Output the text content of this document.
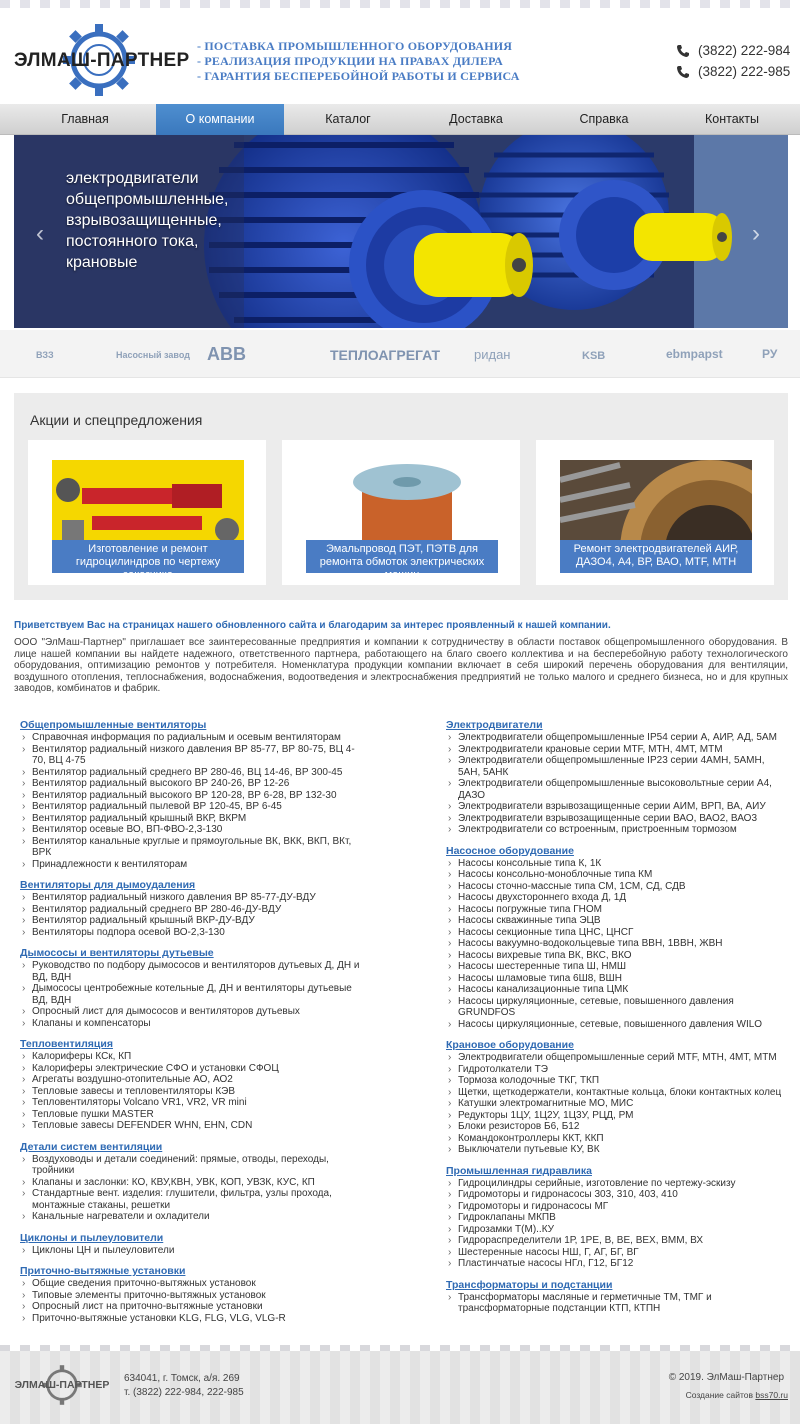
ЭЛМАШ-ПАРТНЕР
- ПОСТАВКА ПРОМЫШЛЕННОГО ОБОРУДОВАНИЯ
- РЕАЛИЗАЦИЯ ПРОДУКЦИИ НА ПРАВАХ ДИЛЕРА
- ГАРАНТИЯ БЕСПЕРЕБОЙНОЙ РАБОТЫ И СЕРВИСА
(3822) 222-984
(3822) 222-985
Главная	О компании	Каталог	Доставка	Справка	Контакты
электродвигатели
общепромышленные,
взрывозащищенные,
постоянного тока,
крановые
‹	›
ВЗЗ	Насосный завод ABB	ТЕПЛОАГРЕГАТ	ридан	KSB	ebmpapst	РУ
Акции и спецпредложения
Изготовление и ремонт гидроцилиндров по чертежу заказчика
Эмальпровод ПЭТ, ПЭТВ для ремонта обмоток электрических машин
Ремонт электродвигателей АИР, ДАЗО4, А4, ВР, ВАО, MTF, MTH
Приветствуем Вас на страницах нашего обновленного сайта и благодарим за интерес проявленный к нашей компании.
ООО "ЭлМаш-Партнер" приглашает все заинтересованные предприятия и компании к сотрудничеству в области поставок общепромышленного оборудования. В лице нашей компании вы найдете надежного, ответственного партнера, работающего на благо своего коллектива и на бесперебойную работу технологического оборудования, оптимизацию ремонтов у потребителя. Номенклатура продукции компании включает в себя широкий перечень оборудования для вентиляции, воздушного отопления, теплоснабжения, водоснабжения, водоотведения и электроснабжения предприятий не только малого и среднего бизнеса, но и для крупных заводов, комбинатов и фабрик.
Общепромышленные вентиляторы
› Справочная информация по радиальным и осевым вентиляторам
› Вентилятор радиальный низкого давления ВР 85-77, ВР 80-75, ВЦ 4-70, ВЦ 4-75
› Вентилятор радиальный среднего ВР 280-46, ВЦ 14-46, ВР 300-45
› Вентилятор радиальный высокого ВР 240-26, ВР 12-26
› Вентилятор радиальный высокого ВР 120-28, ВР 6-28, ВР 132-30
› Вентилятор радиальный пылевой ВР 120-45, ВР 6-45
› Вентилятор радиальный крышный ВКР, ВКРМ
› Вентилятор осевые ВО, ВП-ФВО-2,3-130
› Вентилятор канальные круглые и прямоугольные ВК, ВКК, ВКП, ВКт, ВРК
› Принадлежности к вентиляторам
Вентиляторы для дымоудаления
› Вентилятор радиальный низкого давления ВР 85-77-ДУ-ВДУ
› Вентилятор радиальный среднего ВР 280-46-ДУ-ВДУ
› Вентилятор радиальный крышный ВКР-ДУ-ВДУ
› Вентиляторы подпора осевой ВО-2,3-130
Дымососы и вентиляторы дутьевые
› Руководство по подбору дымососов и вентиляторов дутьевых Д, ДН и ВД, ВДН
› Дымососы центробежные котельные Д, ДН и вентиляторы дутьевые ВД, ВДН
› Опросный лист для дымососов и вентиляторов дутьевых
› Клапаны и компенсаторы
Тепловентиляция
› Калориферы КСк, КП
› Калориферы электрические СФО и установки СФОЦ
› Агрегаты воздушно-отопительные АО, АО2
› Тепловые завесы и тепловентиляторы КЭВ
› Тепловентиляторы Volcano VR1, VR2, VR mini
› Тепловые пушки MASTER
› Тепловые завесы DEFENDER WHN, EHN, CDN
Детали систем вентиляции
› Воздуховоды и детали соединений: прямые, отводы, переходы, тройники
› Клапаны и заслонки: КО, КВУ,КВН, УВК, КОП, УВЗК, КУС, КП
› Стандартные вент. изделия: глушители, фильтра, узлы прохода, монтажные стаканы, решетки
› Канальные нагреватели и охладители
Циклоны и пылеуловители
› Циклоны ЦН и пылеуловители
Приточно-вытяжные установки
› Общие сведения приточно-вытяжных установок
› Типовые элементы приточно-вытяжных установок
› Опросный лист на приточно-вытяжные установки
› Приточно-вытяжные установки KLG, FLG, VLG, VLG-R
Электродвигатели
› Электродвигатели общепромышленные IP54 серии А, АИР, АД, 5АМ
› Электродвигатели крановые серии MTF, MTH, 4МТ, МТМ
› Электродвигатели общепромышленные IP23 серии 4АМН, 5АМН, 5АН, 5АНК
› Электродвигатели общепромышленные высоковольтные серии А4, ДАЗО
› Электродвигатели взрывозащищенные серии АИМ, ВРП, ВА, АИУ
› Электродвигатели взрывозащищенные серии ВАО, ВАО2, ВАО3
› Электродвигатели со встроенным, пристроенным тормозом
Насосное оборудование
› Насосы консольные типа К, 1К
› Насосы консольно-моноблочные типа КМ
› Насосы сточно-массные типа СМ, 1СМ, СД, СДВ
› Насосы двухстороннего входа Д, 1Д
› Насосы погружные типа ГНОМ
› Насосы скважинные типа ЭЦВ
› Насосы секционные типа ЦНС, ЦНСГ
› Насосы вакуумно-водокольцевые типа ВВН, 1ВВН, ЖВН
› Насосы вихревые типа ВК, ВКС, ВКО
› Насосы шестеренные типа Ш, НМШ
› Насосы шламовые типа 6Ш8, ВШН
› Насосы канализационные типа ЦМК
› Насосы циркуляционные, сетевые, повышенного давления GRUNDFOS
› Насосы циркуляционные, сетевые, повышенного давления WILO
Крановое оборудование
› Электродвигатели общепромышленные серий MTF, MTH, 4МТ, МТМ
› Гидротолкатели ТЭ
› Тормоза колодочные ТКГ, ТКП
› Щетки, щеткодержатели, контактные кольца, блоки контактных колец
› Катушки электромагнитные МО, МИС
› Редукторы 1ЦУ, 1Ц2У, 1Ц3У, РЦД, РМ
› Блоки резисторов Б6, Б12
› Командоконтроллеры ККТ, ККП
› Выключатели путьевые КУ, ВК
Промышленная гидравлика
› Гидроцилиндры серийные, изготовление по чертежу-эскизу
› Гидромоторы и гидронасосы 303, 310, 403, 410
› Гидромоторы и гидронасосы МГ
› Гидроклапаны МКПВ
› Гидрозамки Т(М)..КУ
› Гидрораспределители 1Р, 1РЕ, В, ВЕ, ВЕХ, ВММ, ВХ
› Шестеренные насосы НШ, Г, АГ, БГ, ВГ
› Пластинчатые насосы НГл, Г12, БГ12
Трансформаторы и подстанции
› Трансформаторы масляные и герметичные ТМ, ТМГ и трансформаторные подстанции КТП, КТПН
ЭЛМАШ-ПАРТНЕР
634041, г. Томск, а/я. 269
т. (3822) 222-984, 222-985
© 2019. ЭлМаш-Партнер
Создание сайтов bss70.ru
